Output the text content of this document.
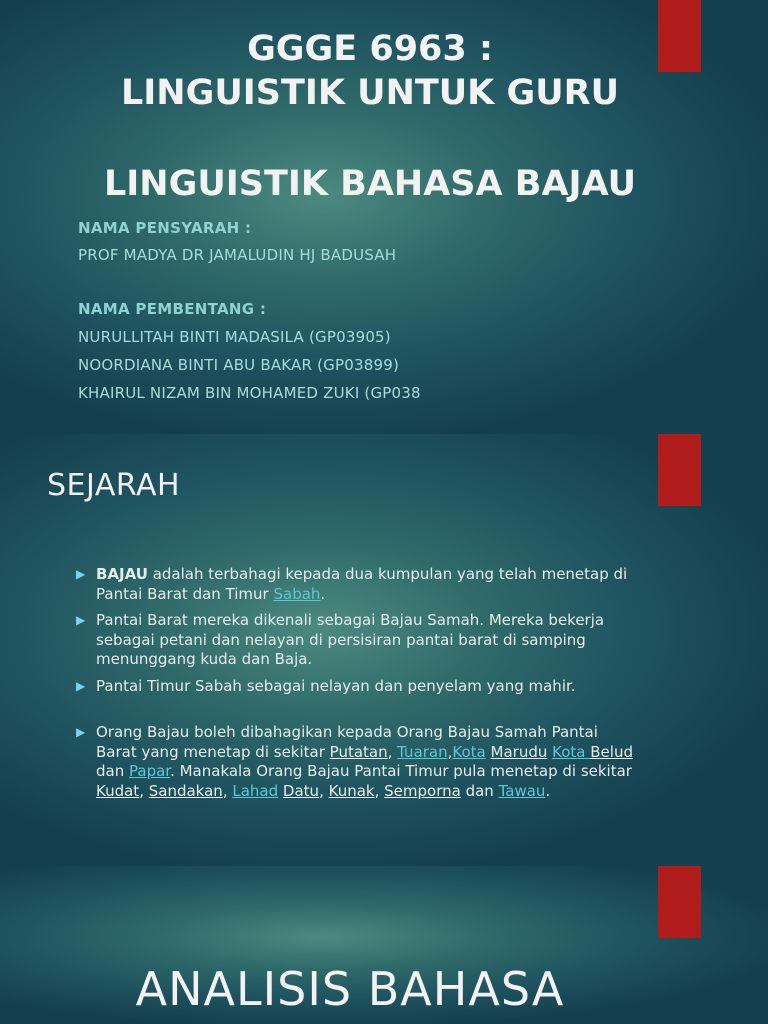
GGGE 6963 :
LINGUISTIK UNTUK GURU
LINGUISTIK BAHASA BAJAU
NAMA PENSYARAH :
PROF MADYA DR JAMALUDIN HJ BADUSAH
NAMA PEMBENTANG :
NURULLITAH BINTI MADASILA (GP03905)
NOORDIANA BINTI ABU BAKAR (GP03899)
KHAIRUL NIZAM BIN MOHAMED ZUKI (GP038
SEJARAH
▶ BAJAU adalah terbahagi kepada dua kumpulan yang telah menetap di Pantai Barat dan Timur Sabah.
▶ Pantai Barat mereka dikenali sebagai Bajau Samah. Mereka bekerja sebagai petani dan nelayan di persisiran pantai barat di samping menunggang kuda dan Baja.
▶ Pantai Timur Sabah sebagai nelayan dan penyelam yang mahir.
▶ Orang Bajau boleh dibahagikan kepada Orang Bajau Samah Pantai Barat yang menetap di sekitar Putatan, Tuaran,Kota Marudu Kota Belud dan Papar. Manakala Orang Bajau Pantai Timur pula menetap di sekitar Kudat, Sandakan, Lahad Datu, Kunak, Semporna dan Tawau.
ANALISIS BAHASA
